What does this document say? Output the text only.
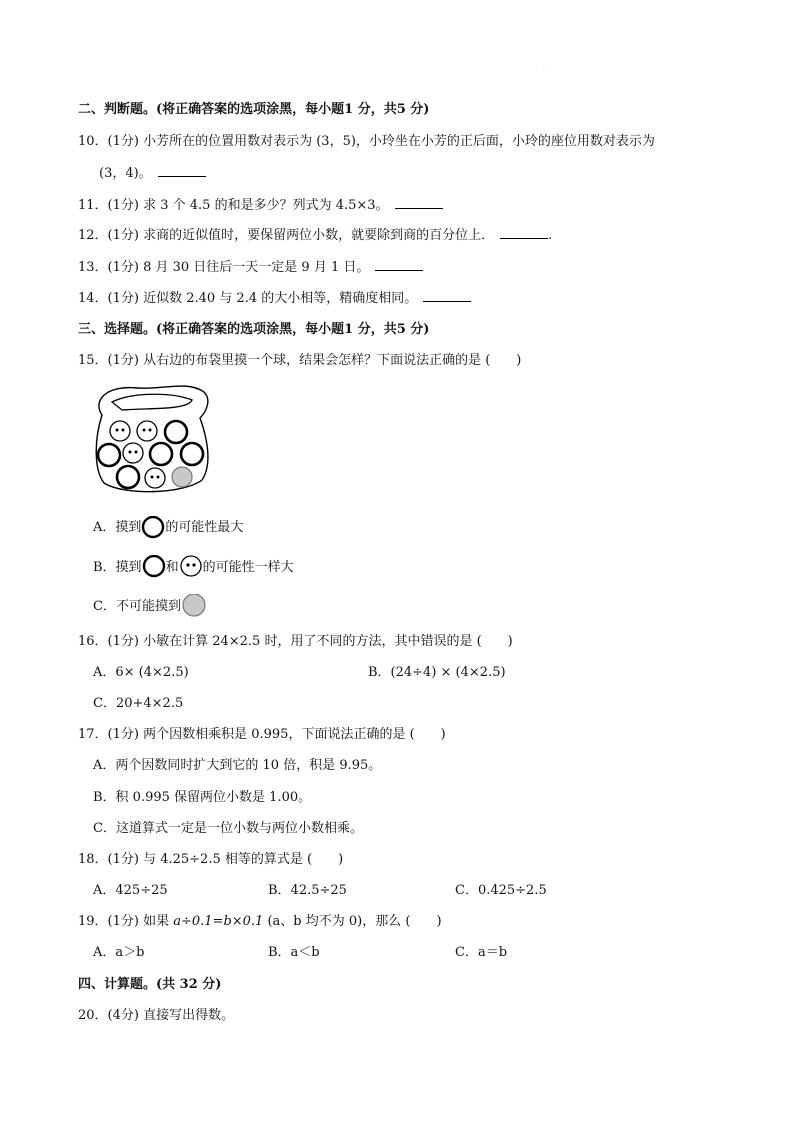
·
二、判断题。(将正确答案的选项涂黑，每小题1 分，共5 分)
10．(1分) 小芳所在的位置用数对表示为 (3，5)，小玲坐在小芳的正后面，小玲的座位用数对表示为
(3，4)。
11．(1分) 求 3 个 4.5 的和是多少？列式为 4.5×3。
12．(1分) 求商的近似值时，要保留两位小数，就要除到商的百分位上．	.
13．(1分) 8 月 30 日往后一天一定是 9 月 1 日。
14．(1分) 近似数 2.40 与 2.4 的大小相等，精确度相同。
三、选择题。(将正确答案的选项涂黑，每小题1 分，共5 分)
15．(1分) 从右边的布袋里摸一个球，结果会怎样？下面说法正确的是 (　　)
A．摸到 的可能性最大
B．摸到 和 的可能性一样大
C．不可能摸到
16．(1分) 小敏在计算 24×2.5 时，用了不同的方法，其中错误的是 (　　)
A．6× (4×2.5)	B．(24÷4) × (4×2.5)
C．20+4×2.5
17．(1分) 两个因数相乘积是 0.995，下面说法正确的是 (　　)
A．两个因数同时扩大到它的 10 倍，积是 9.95。
B．积 0.995 保留两位小数是 1.00。
C．这道算式一定是一位小数与两位小数相乘。
18．(1分) 与 4.25÷2.5 相等的算式是 (　　)
A．425÷25	B．42.5÷25	C．0.425÷2.5
19．(1分) 如果 a÷0.1=b×0.1 (a、b 均不为 0)，那么 (　　)
A．a＞b	B．a＜b	C．a＝b
四、计算题。(共 32 分)
20．(4分) 直接写出得数。
